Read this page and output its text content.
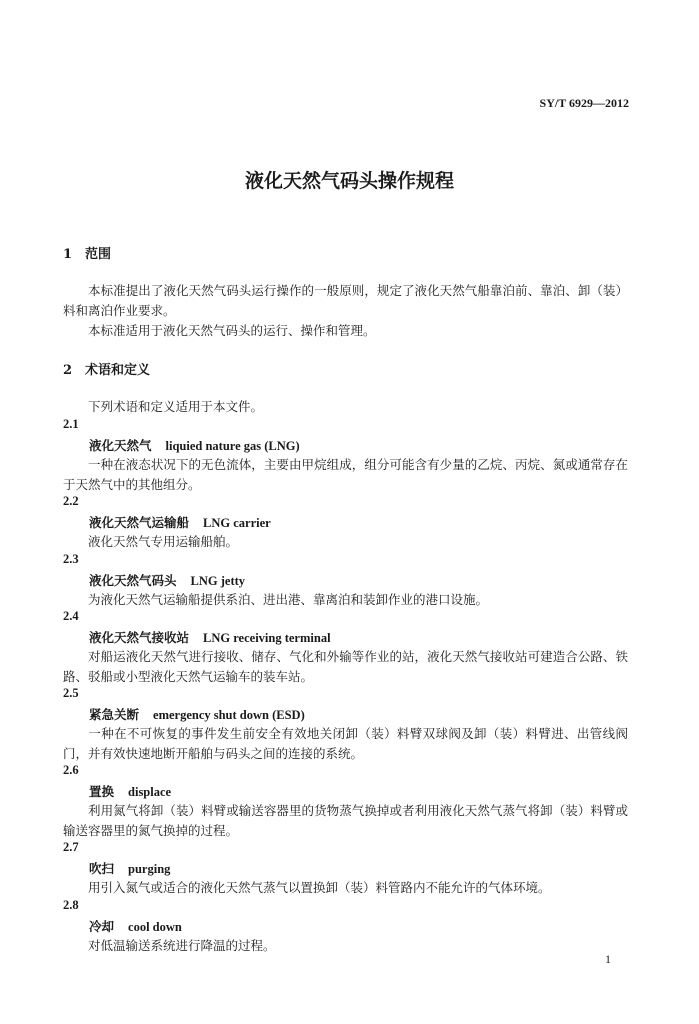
SY/T 6929—2012
液化天然气码头操作规程
1 范围
本标准提出了液化天然气码头运行操作的一般原则，规定了液化天然气船靠泊前、靠泊、卸（装）料和离泊作业要求。
本标准适用于液化天然气码头的运行、操作和管理。
2 术语和定义
下列术语和定义适用于本文件。
2.1
液化天然气 liquied nature gas (LNG)
一种在液态状况下的无色流体，主要由甲烷组成，组分可能含有少量的乙烷、丙烷、氮或通常存在于天然气中的其他组分。
2.2
液化天然气运输船 LNG carrier
液化天然气专用运输船舶。
2.3
液化天然气码头 LNG jetty
为液化天然气运输船提供系泊、进出港、靠离泊和装卸作业的港口设施。
2.4
液化天然气接收站 LNG receiving terminal
对船运液化天然气进行接收、储存、气化和外输等作业的站，液化天然气接收站可建造合公路、铁路、驳船或小型液化天然气运输车的装车站。
2.5
紧急关断 emergency shut down (ESD)
一种在不可恢复的事件发生前安全有效地关闭卸（装）料臂双球阀及卸（装）料臂进、出管线阀门，并有效快速地断开船舶与码头之间的连接的系统。
2.6
置换 displace
利用氮气将卸（装）料臂或输送容器里的货物蒸气换掉或者利用液化天然气蒸气将卸（装）料臂或输送容器里的氮气换掉的过程。
2.7
吹扫 purging
用引入氮气或适合的液化天然气蒸气以置换卸（装）料管路内不能允许的气体环境。
2.8
冷却 cool down
对低温输送系统进行降温的过程。
1
